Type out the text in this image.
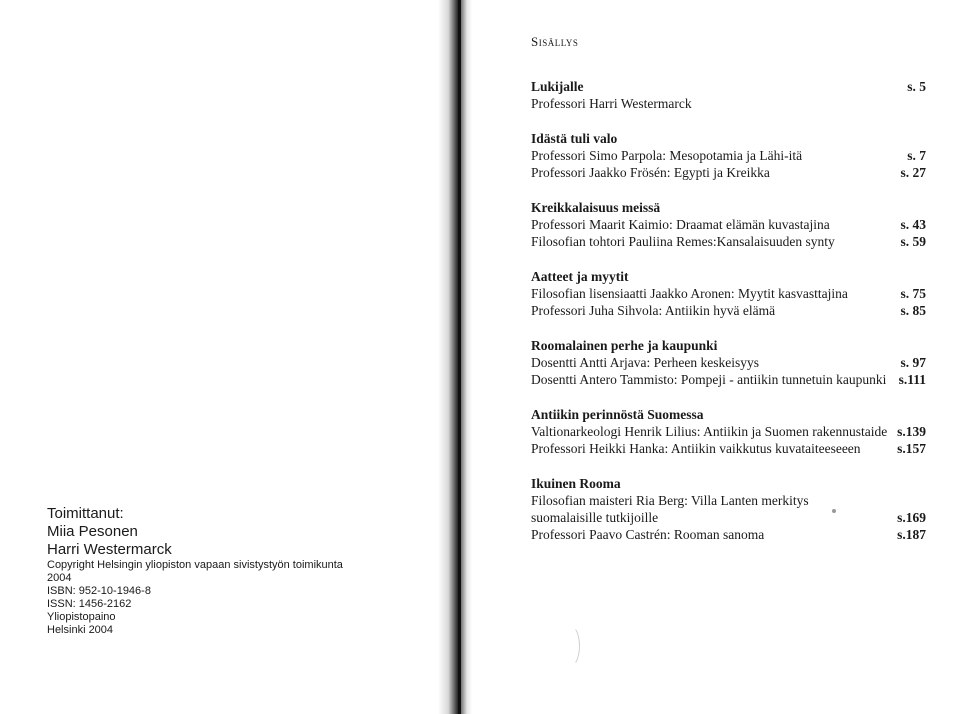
Toimittanut:

Miia Pesonen

Harri Westermarck

Copyright Helsingin yliopiston vapaan sivistystyön toimikunta

2004

ISBN: 952-10-1946-8

ISSN: 1456-2162

Yliopistopaino

Helsinki 2004

Sisällys
Lukijalle	s. 5
Professori Harri Westermarck
Idästä tuli valo
Professori Simo Parpola: Mesopotamia ja Lähi-itä	s. 7
Professori Jaakko Frösén: Egypti ja Kreikka	s. 27
Kreikkalaisuus meissä
Professori Maarit Kaimio: Draamat elämän kuvastajina	s. 43
Filosofian tohtori Pauliina Remes:Kansalaisuuden synty	s. 59
Aatteet ja myytit
Filosofian lisensiaatti Jaakko Aronen: Myytit kasvasttajina	s. 75
Professori Juha Sihvola: Antiikin hyvä elämä	s. 85
Roomalainen perhe ja kaupunki
Dosentti Antti Arjava: Perheen keskeisyys	s. 97
Dosentti Antero Tammisto: Pompeji - antiikin tunnetuin kaupunki s.111
Antiikin perinnöstä Suomessa
Valtionarkeologi Henrik Lilius: Antiikin ja Suomen rakennustaide s.139
Professori Heikki Hanka: Antiikin vaikkutus kuvataiteeseeen	s.157
Ikuinen Rooma
Filosofian maisteri Ria Berg: Villa Lanten merkitys
suomalaisille tutkijoille	s.169
Professori Paavo Castrén: Rooman sanoma	s.187
